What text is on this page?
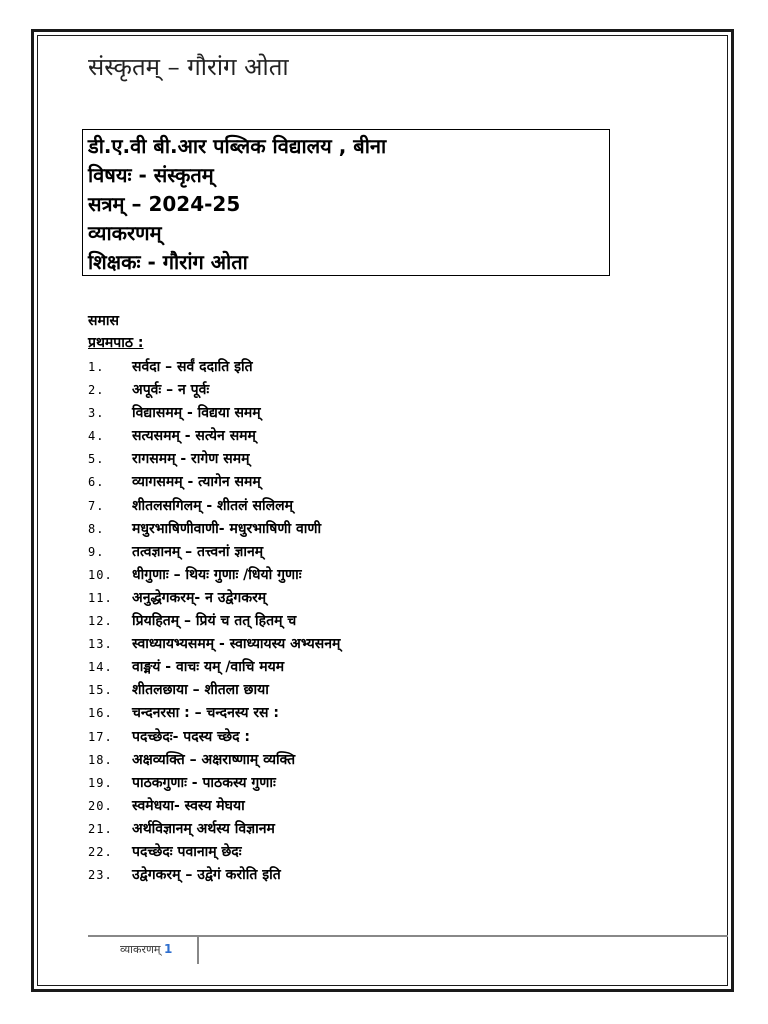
संस्कृतम् – गौरांग ओता
डी.ए.वी बी.आर पब्लिक विद्यालय , बीना
विषयः - संस्कृतम्
सत्रम् – 2024-25
व्याकरणम्
शिक्षकः - गौरांग ओता
समास
प्रथमपाठ :
1. सर्वदा – सर्वं ददाति इति
2. अपूर्वः – न पूर्वः
3. विद्यासमम् - विद्यया समम्
4. सत्यसमम् - सत्येन समम्
5. रागसमम् - रागेण समम्
6. व्यागसमम् - त्यागेन समम्
7. शीतलसगिलम् - शीतलं सलिलम्
8. मधुरभाषिणीवाणी- मधुरभाषिणी वाणी
9. तत्वज्ञानम् – तत्त्वनां ज्ञानम्
10. धीगुणाः – थियः गुणाः /धियो गुणाः
11. अनुद्धेगकरम्- न उद्वेगकरम्
12. प्रियहितम् – प्रियं च तत् हितम् च
13. स्वाध्यायभ्यसमम् - स्वाध्यायस्य अभ्यसनम्
14. वाङ्मयं - वाचः यम् /वाचि मयम
15. शीतलछाया – शीतला छाया
16. चन्दनरसा : – चन्दनस्य रस :
17. पदच्छेदः- पदस्य च्छेद :
18. अक्षव्यक्ति – अक्षराष्णाम् व्यक्ति
19. पाठकगुणाः - पाठकस्य गुणाः
20. स्वमेधया- स्वस्य मेघया
21. अर्थविज्ञानम् अर्थस्य विज्ञानम
22. पदच्छेदः पवानाम् छेदः
23. उद्वेगकरम् – उद्वेगं करोति इति
व्याकरणम् 1
